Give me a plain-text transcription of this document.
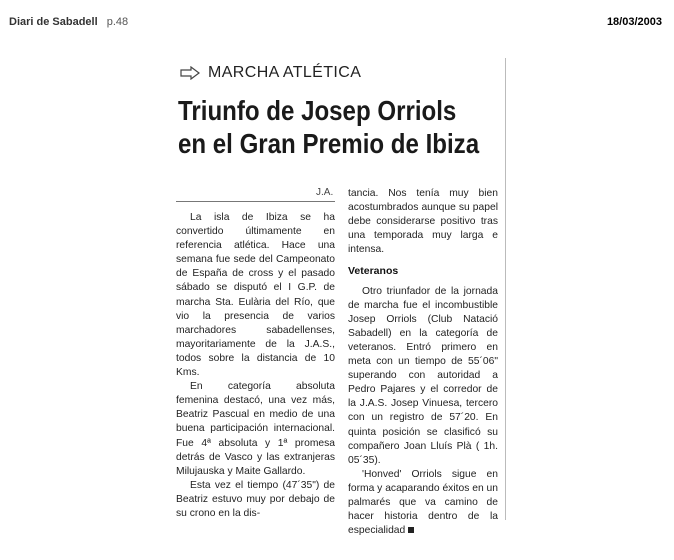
Diari de Sabadell p.48	18/03/2003
MARCHA ATLÉTICA
Triunfo de Josep Orriols
en el Gran Premio de Ibiza
J.A.

La isla de Ibiza se ha convertido últimamente en referencia atlética. Hace una semana fue sede del Campeonato de España de cross y el pasado sábado se disputó el I G.P. de marcha Sta. Eulària del Río, que vio la presencia de varios marchadores sabadellenses, mayoritariamente de la J.A.S., todos sobre la distancia de 10 Kms.

En categoría absoluta femenina destacó, una vez más, Beatriz Pascual en medio de una buena participación internacional. Fue 4ª absoluta y 1ª promesa detrás de Vasco y las extranjeras Milujauska y Maite Gallardo.

Esta vez el tiempo (47´35") de Beatriz estuvo muy por debajo de su crono en la dis-

tancia. Nos tenía muy bien acostumbrados aunque su papel debe considerarse positivo tras una temporada muy larga e intensa.

Veteranos

Otro triunfador de la jornada de marcha fue el incombustible Josep Orriols (Club Natació Sabadell) en la categoría de veteranos. Entró primero en meta con un tiempo de 55´06" superando con autoridad a Pedro Pajares y el corredor de la J.A.S. Josep Vinuesa, tercero con un registro de 57´20. En quinta posición se clasificó su compañero Joan Lluís Plà ( 1h. 05´35).

'Honved' Orriols sigue en forma y acaparando éxitos en un palmarés que va camino de hacer historia dentro de la especialidad
